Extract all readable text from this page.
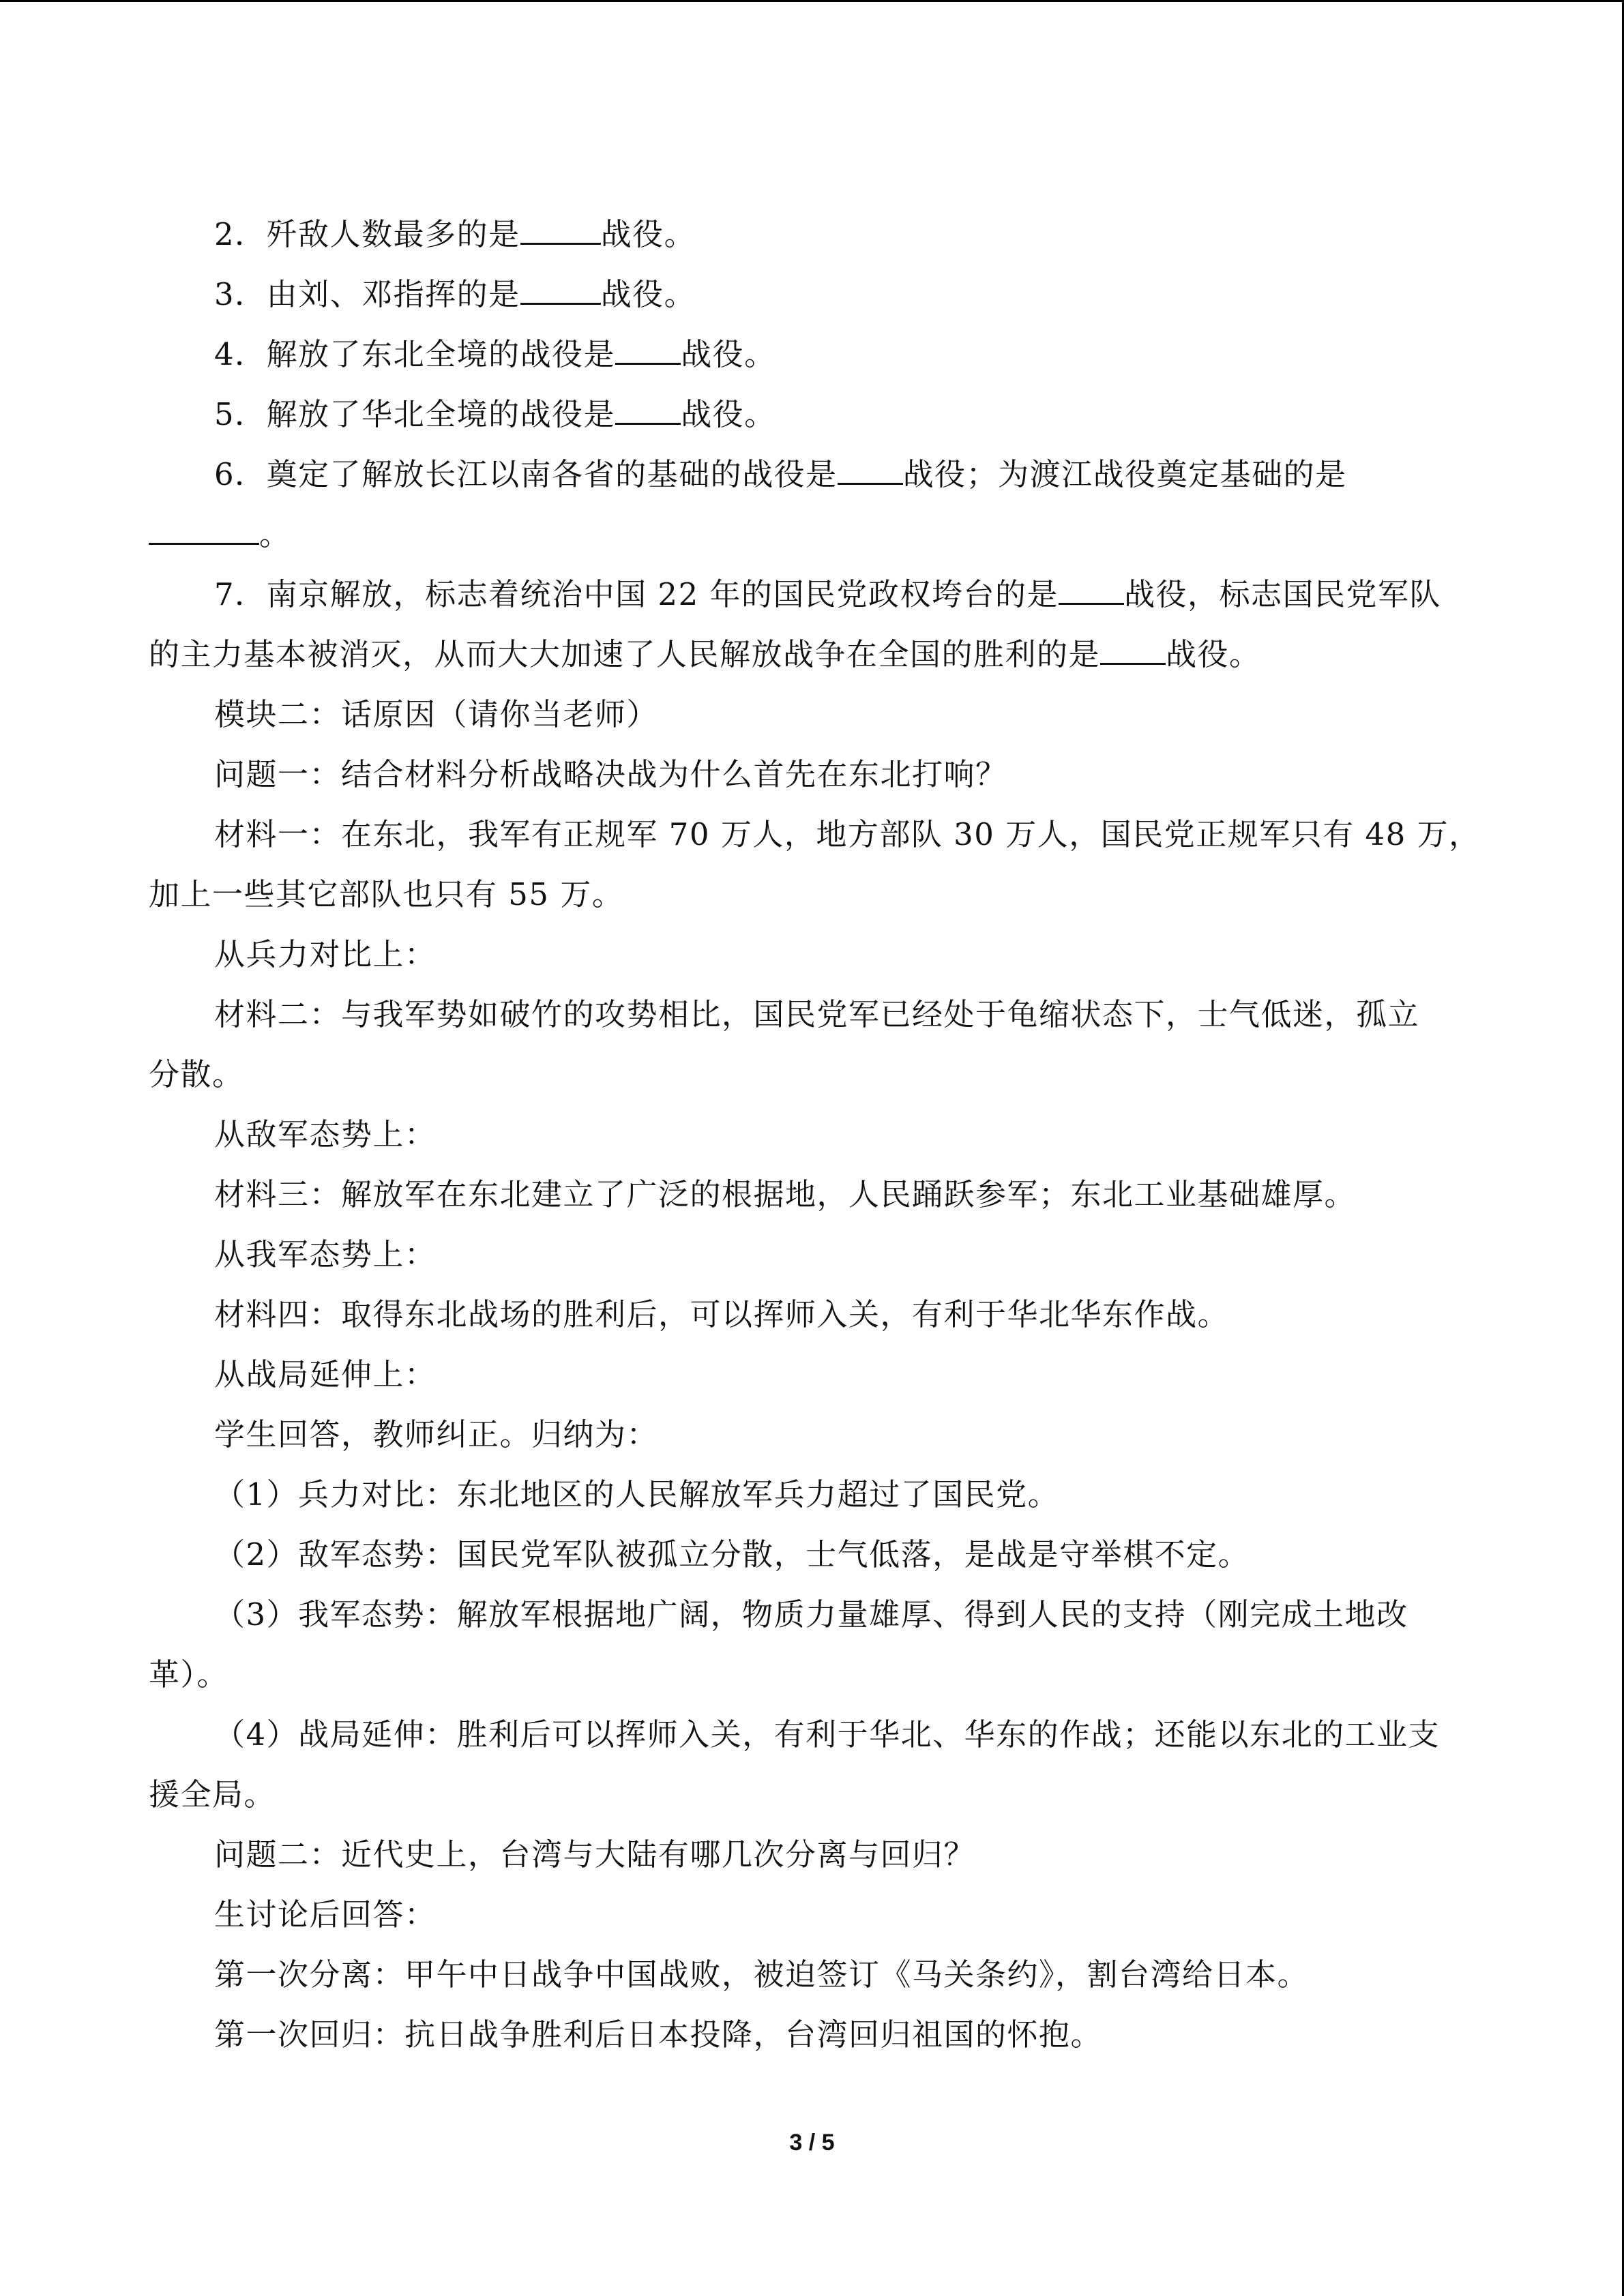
2．歼敌人数最多的是	战役。

3．由刘、邓指挥的是	战役。

4．解放了东北全境的战役是 战役。

5．解放了华北全境的战役是 战役。

6．奠定了解放长江以南各省的基础的战役是 战役；为渡江战役奠定基础的是

。

7．南京解放，标志着统治中国 22 年的国民党政权垮台的是 战役，标志国民党军队

的主力基本被消灭，从而大大加速了人民解放战争在全国的胜利的是 战役。

模块二：话原因（请你当老师）

问题一：结合材料分析战略决战为什么首先在东北打响？

材料一：在东北，我军有正规军 70 万人，地方部队 30 万人，国民党正规军只有 48 万，

加上一些其它部队也只有 55 万。

从兵力对比上：

材料二：与我军势如破竹的攻势相比，国民党军已经处于龟缩状态下，士气低迷，孤立

分散。

从敌军态势上：

材料三：解放军在东北建立了广泛的根据地，人民踊跃参军；东北工业基础雄厚。

从我军态势上：

材料四：取得东北战场的胜利后，可以挥师入关，有利于华北华东作战。

从战局延伸上：

学生回答，教师纠正。归纳为：

（1）兵力对比：东北地区的人民解放军兵力超过了国民党。

（2）敌军态势：国民党军队被孤立分散，士气低落，是战是守举棋不定。

（3）我军态势：解放军根据地广阔，物质力量雄厚、得到人民的支持（刚完成土地改

革）。

（4）战局延伸：胜利后可以挥师入关，有利于华北、华东的作战；还能以东北的工业支

援全局。

问题二：近代史上，台湾与大陆有哪几次分离与回归？

生讨论后回答：

第一次分离：甲午中日战争中国战败，被迫签订《马关条约》，割台湾给日本。

第一次回归：抗日战争胜利后日本投降，台湾回归祖国的怀抱。

3 / 5
